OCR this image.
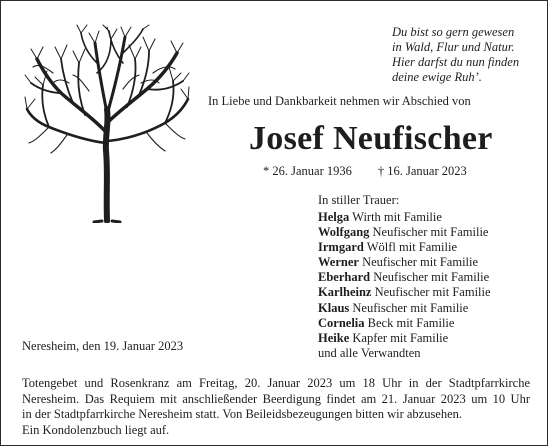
Du bist so gern gewesen
in Wald, Flur und Natur.
Hier darfst du nun finden
deine ewige Ruh’.
In Liebe und Dankbarkeit nehmen wir Abschied von
Josef Neufischer
* 26. Januar 1936 † 16. Januar 2023
In stiller Trauer:
Helga Wirth mit Familie
Wolfgang Neufischer mit Familie
Irmgard Wölfl mit Familie
Werner Neufischer mit Familie
Eberhard Neufischer mit Familie
Karlheinz Neufischer mit Familie
Klaus Neufischer mit Familie
Cornelia Beck mit Familie
Heike Kapfer mit Familie
und alle Verwandten
Neresheim, den 19. Januar 2023
Totengebet und Rosenkranz am Freitag, 20. Januar 2023 um 18 Uhr in der Stadtpfarrkirche
Neresheim. Das Requiem mit anschließender Beerdigung findet am 21. Januar 2023 um 10 Uhr
in der Stadtpfarrkirche Neresheim statt. Von Beileidsbezeugungen bitten wir abzusehen.
Ein Kondolenzbuch liegt auf.
